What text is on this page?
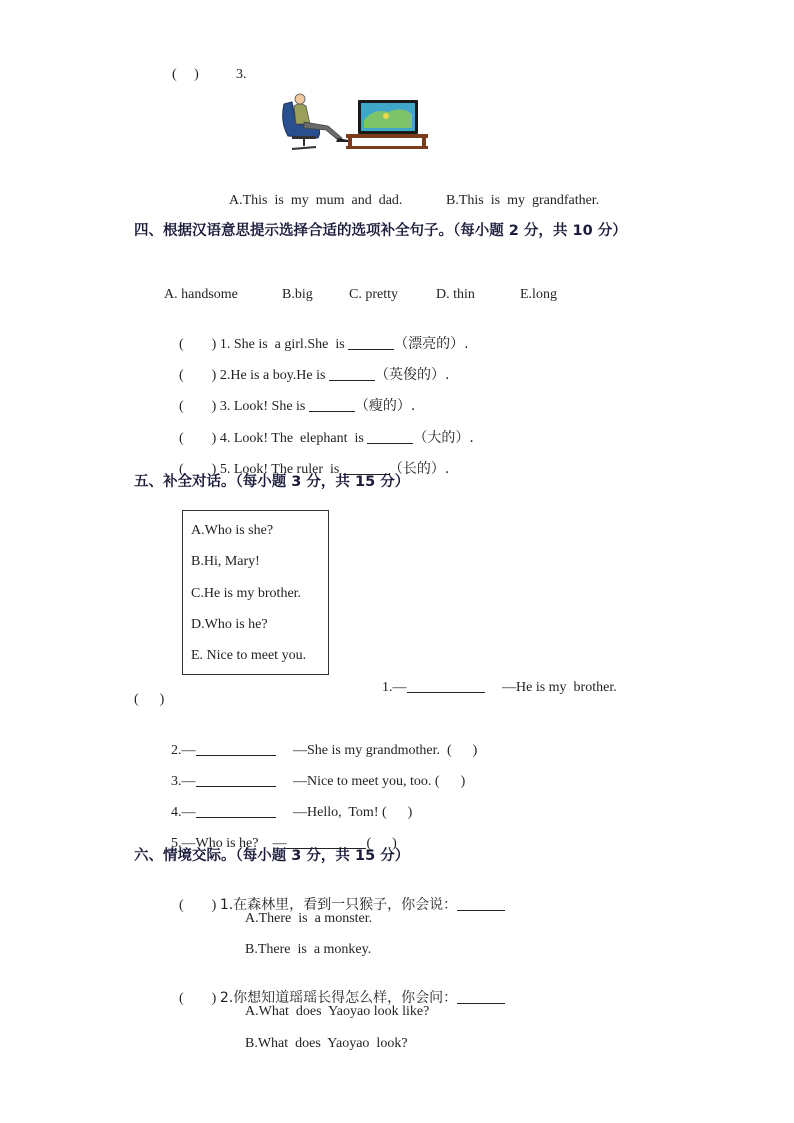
(     )	3.
A.This  is  my  mum  and  dad.	B.This  is  my  grandfather.
四、根据汉语意思提示选择合适的选项补全句子。（每小题 2 分，共 10 分）
A. handsome	B.big	C. pretty	D. thin	E.long

(        ) 1. She is  a girl.She  is	（漂亮的）.

(        ) 2.He is a boy.He is	（英俊的）.

(        ) 3. Look! She is	（瘦的）.

(        ) 4. Look! The  elephant  is	（大的）.

(        ) 5. Look! The ruler  is	（长的）.

五、补全对话。（每小题 3 分，共 15 分）
A.Who is she?
B.Hi, Mary!
C.He is my brother.
D.Who is he?
E. Nice to meet you.

1.—	—He is my  brother.

(      )

2.—	—She is my grandmother. (      )

3.—	—Nice to meet you, too. (      )

4.—	—Hello,  Tom! (      )

5.—Who is he?    —	(      )

六、情境交际。（每小题 3 分，共 15 分）

(        ) 1.在森林里，看到一只猴子，你会说：

A.There  is  a monster.
B.There  is  a monkey.

(        ) 2.你想知道瑶瑶长得怎么样，你会问：

A.What  does  Yaoyao look like?
B.What  does  Yaoyao  look?
